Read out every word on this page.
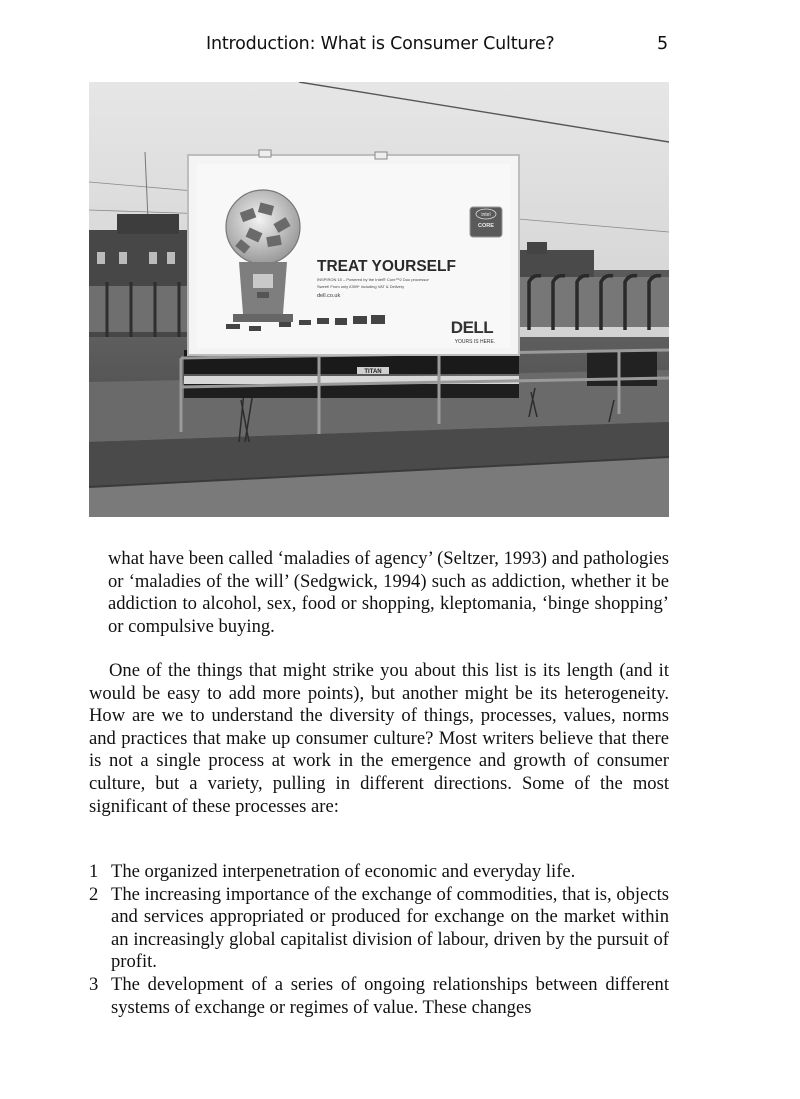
Introduction: What is Consumer Culture?	5
TITAN
TREAT YOURSELF
INSPIRON 15 – Powered by the Intel® Core™2 Duo processor
Sweet! From only £399* including VAT & Delivery
dell.co.uk
intel
CORE
DELL
YOURS IS HERE.

what have been called ‘maladies of agency’ (Seltzer, 1993) and pathologies or ‘maladies of the will’ (Sedgwick, 1994) such as addiction, whether it be addiction to alcohol, sex, food or shopping, kleptomania, ‘binge shopping’ or compulsive buying.

One of the things that might strike you about this list is its length (and it would be easy to add more points), but another might be its heterogeneity. How are we to understand the diversity of things, processes, values, norms and practices that make up consumer culture? Most writers believe that there is not a single process at work in the emergence and growth of consumer culture, but a variety, pulling in different directions. Some of the most significant of these processes are:

1 The organized interpenetration of economic and everyday life.
2 The increasing importance of the exchange of commodities, that is, objects and services appropriated or produced for exchange on the market within an increasingly global capitalist division of labour, driven by the pursuit of profit.
3 The development of a series of ongoing relationships between different systems of exchange or regimes of value. These changes
